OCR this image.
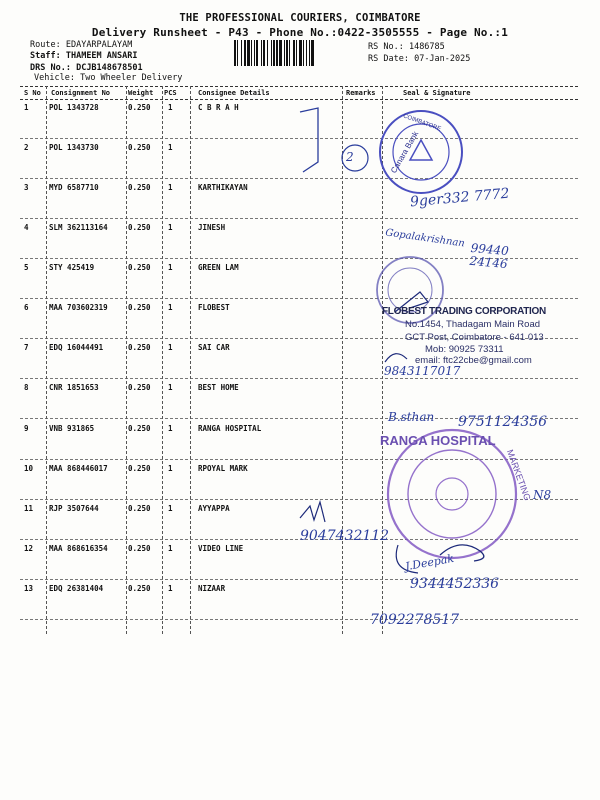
THE PROFESSIONAL COURIERS, COIMBATORE
Delivery Runsheet - P43 - Phone No.:0422-3505555 - Page No.:1
Route: EDAYARPALAYAM
Staff: THAMEEM ANSARI
DRS No.: DCJB148678501
Vehicle: Two Wheeler Delivery
RS No.: 1486785
RS Date: 07-Jan-2025
S No Consignment No	Weight PCS	Consignee Details	Remarks	Seal & Signature
1	POL 1343728	0.250 1	C B R A H
2	POL 1343730	0.250 1
3	MYD 6587710	0.250 1	KARTHIKAYAN
4	SLM 362113164	0.250 1	JINESH
5	STY 425419	0.250 1	GREEN LAM
6	MAA 703602319	0.250 1	FLOBEST
7	EDQ 16044491	0.250 1	SAI CAR
8	CNR 1851653	0.250 1	BEST HOME
9	VNB 931865	0.250 1	RANGA HOSPITAL
10 MAA 868446017	0.250 1	RPOYAL MARK
11 RJP 3507644	0.250 1	AYYAPPA
12 MAA 868616354	0.250 1	VIDEO LINE
13 EDQ 26381404	0.250 1	NIZAAR
COIMBATORE
Canara Bank
FLOBEST TRADING CORPORATION
No.1454, Thadagam Main Road
GCT Post, Coimbatore - 641 013
Mob: 90925 73311
email: ftc22cbe@gmail.com
RANGA HOSPITAL
MARKETING
2
9ger332 7772
Gopalakrishnan 99440 24146
9843117017
B.sthan 9751124356
N8
9047432112
J.Deepak
9344452336
7092278517
